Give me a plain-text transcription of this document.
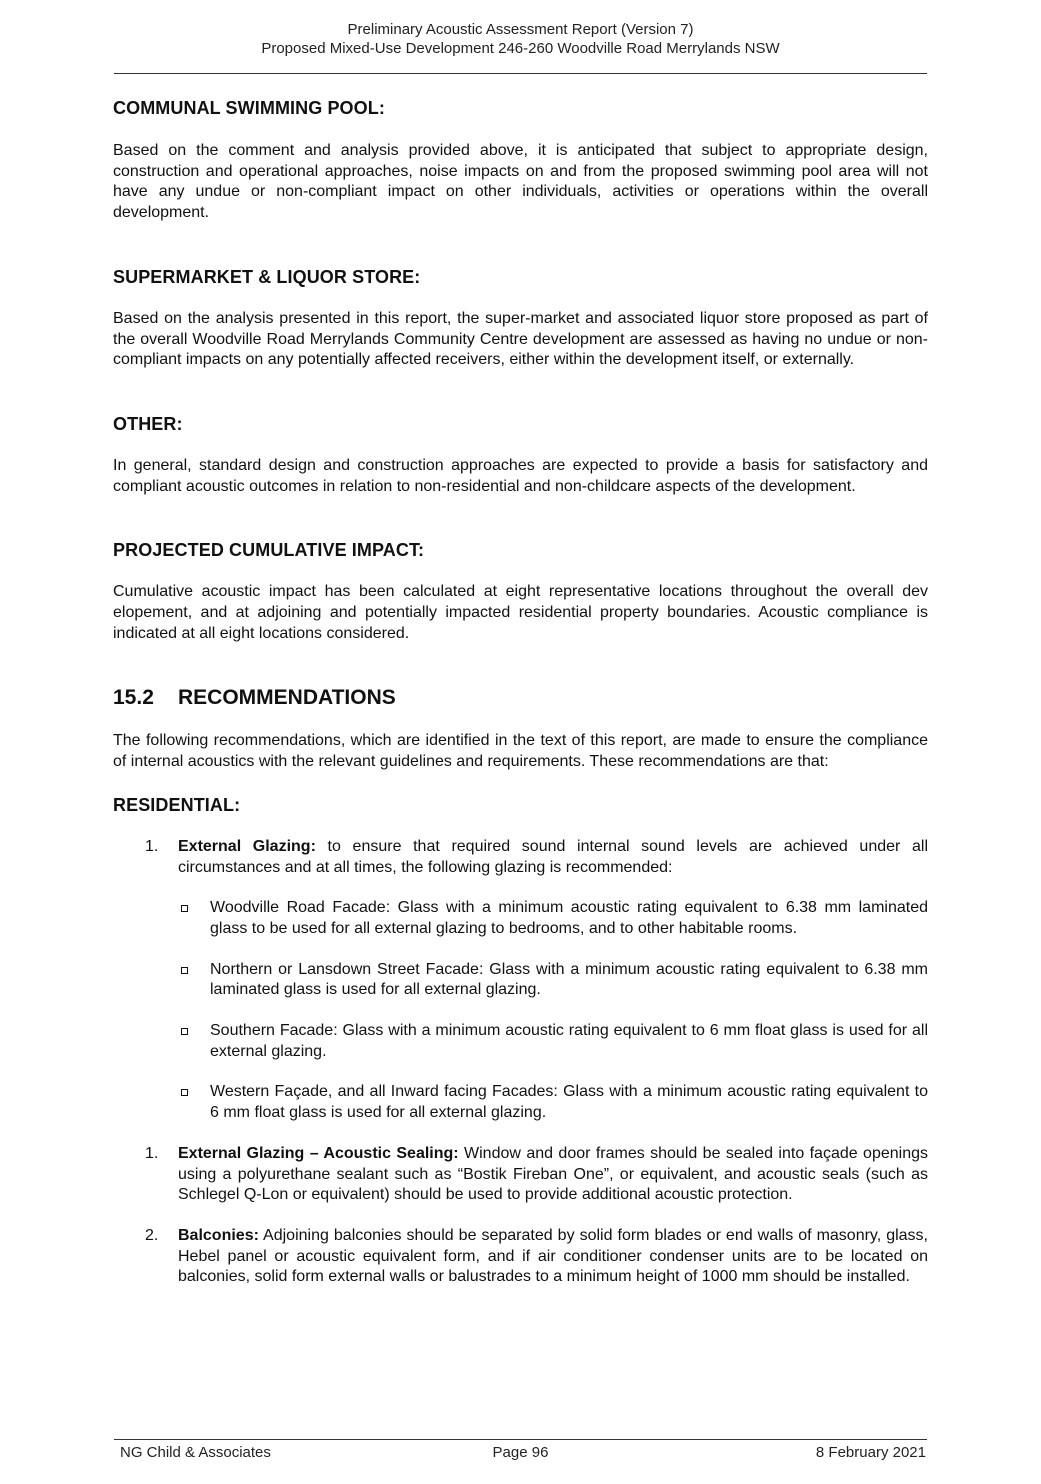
Preliminary Acoustic Assessment Report (Version 7)
Proposed Mixed-Use Development 246-260 Woodville Road Merrylands NSW
COMMUNAL SWIMMING POOL:

Based on the comment and analysis provided above, it is anticipated that subject to appropriate design, construction and operational approaches, noise impacts on and from the proposed swimming pool area will not have any undue or non-compliant impact on other individuals, activities or operations within the overall development.

SUPERMARKET & LIQUOR STORE:

Based on the analysis presented in this report, the super-market and associated liquor store proposed as part of the overall Woodville Road Merrylands Community Centre development are assessed as having no undue or non-compliant impacts on any potentially affected receivers, either within the development itself, or externally.

OTHER:

In general, standard design and construction approaches are expected to provide a basis for satisfactory and compliant acoustic outcomes in relation to non-residential and non-childcare aspects of the development.

PROJECTED CUMULATIVE IMPACT:

Cumulative acoustic impact has been calculated at eight representative locations throughout the overall dev elopement, and at adjoining and potentially impacted residential property boundaries. Acoustic compliance is indicated at all eight locations considered.

15.2 RECOMMENDATIONS

The following recommendations, which are identified in the text of this report, are made to ensure the compliance of internal acoustics with the relevant guidelines and requirements. These recommendations are that:

RESIDENTIAL:
1. External Glazing: to ensure that required sound internal sound levels are achieved under all circumstances and at all times, the following glazing is recommended:
Woodville Road Facade: Glass with a minimum acoustic rating equivalent to 6.38 mm laminated glass to be used for all external glazing to bedrooms, and to other habitable rooms.
Northern or Lansdown Street Facade: Glass with a minimum acoustic rating equivalent to 6.38 mm laminated glass is used for all external glazing.
Southern Facade: Glass with a minimum acoustic rating equivalent to 6 mm float glass is used for all external glazing.
Western Façade, and all Inward facing Facades: Glass with a minimum acoustic rating equivalent to 6 mm float glass is used for all external glazing.
1. External Glazing – Acoustic Sealing: Window and door frames should be sealed into façade openings using a polyurethane sealant such as “Bostik Fireban One”, or equivalent, and acoustic seals (such as Schlegel Q-Lon or equivalent) should be used to provide additional acoustic protection.
2. Balconies: Adjoining balconies should be separated by solid form blades or end walls of masonry, glass, Hebel panel or acoustic equivalent form, and if air conditioner condenser units are to be located on balconies, solid form external walls or balustrades to a minimum height of 1000 mm should be installed.
NG Child & Associates	Page 96	8 February 2021
